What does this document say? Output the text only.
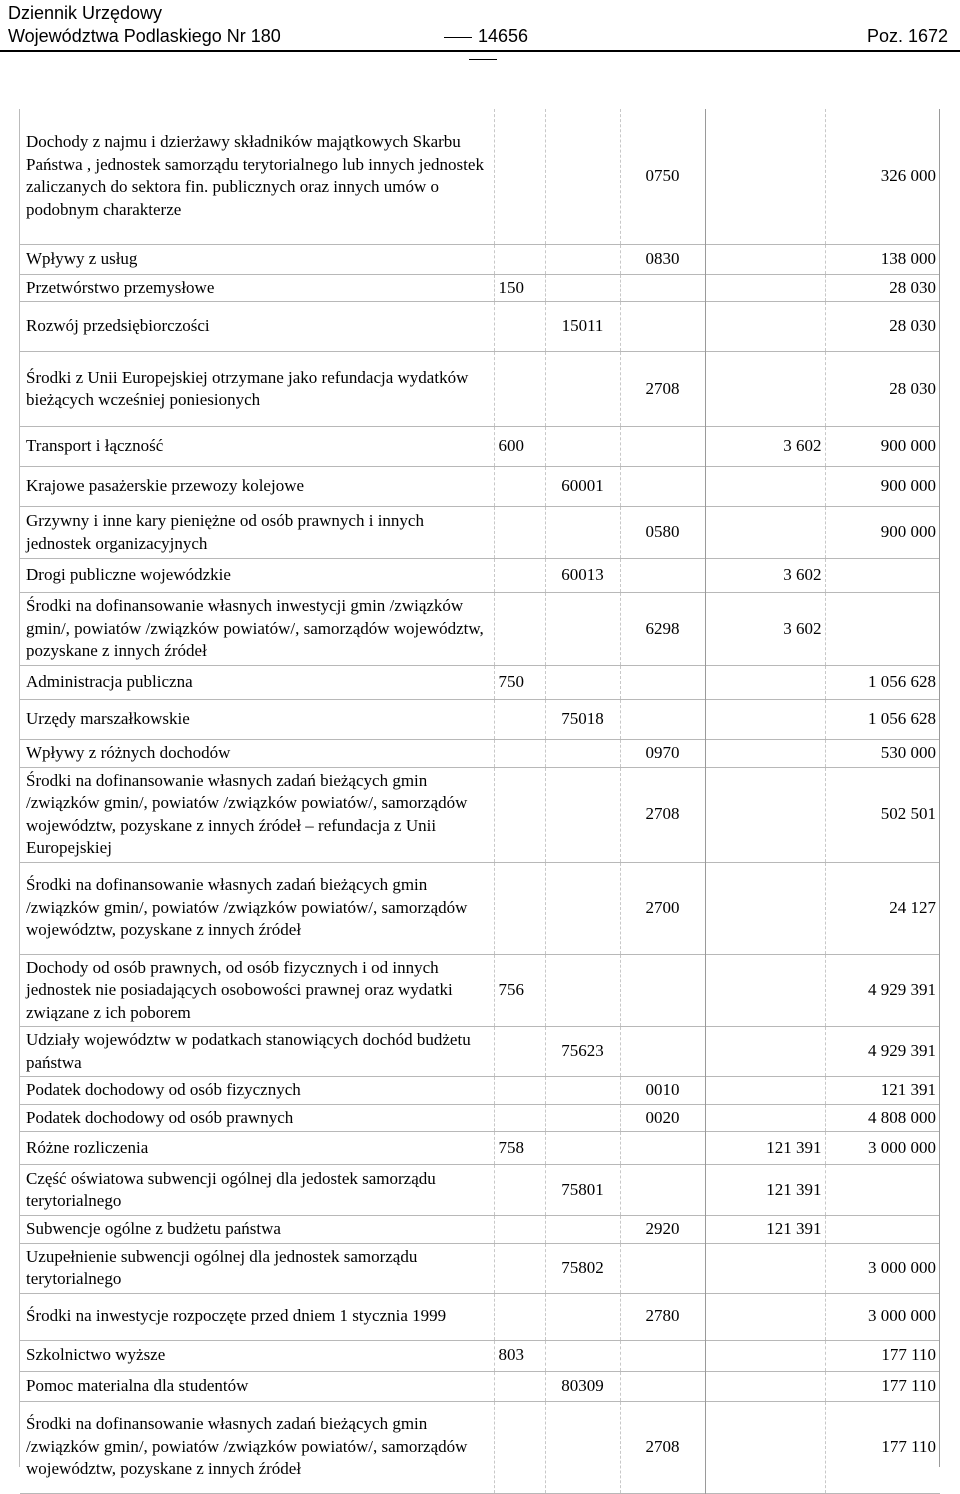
Dziennik Urzędowy
Województwa Podlaskiego Nr 180	14656	Poz. 1672
Dochody z najmu i dzierżawy składników majątkowych Skarbu Państwa , jednostek samorządu terytorialnego lub innych jednostek zaliczanych do sektora fin. publicznych oraz innych umów o podobnym charakterze			0750		326 000
Wpływy z usług			0830		138 000
Przetwórstwo przemysłowe	150				28 030
Rozwój przedsiębiorczości		15011			28 030
Środki z Unii Europejskiej otrzymane jako refundacja wydatków bieżących wcześniej poniesionych			2708		28 030
Transport i łączność	600			3 602	900 000
Krajowe pasażerskie przewozy kolejowe		60001			900 000
Grzywny i inne kary pieniężne od osób prawnych i innych jednostek organizacyjnych			0580		900 000
Drogi publiczne wojewódzkie		60013		3 602	
Środki na dofinansowanie własnych inwestycji gmin /związków gmin/, powiatów /związków powiatów/, samorządów województw, pozyskane z innych źródeł			6298	3 602	
Administracja publiczna	750				1 056 628
Urzędy marszałkowskie		75018			1 056 628
Wpływy z różnych dochodów			0970		530 000
Środki na dofinansowanie własnych zadań bieżących gmin /związków gmin/, powiatów /związków powiatów/, samorządów województw, pozyskane z innych źródeł – refundacja z Unii Europejskiej			2708		502 501
Środki na dofinansowanie własnych zadań bieżących gmin /związków gmin/, powiatów /związków powiatów/, samorządów województw, pozyskane z innych źródeł			2700		24 127
Dochody od osób prawnych, od osób fizycznych i od innych jednostek nie posiadających osobowości prawnej oraz wydatki związane z ich poborem	756				4 929 391
Udziały województw w podatkach stanowiących dochód budżetu państwa		75623			4 929 391
Podatek dochodowy od osób fizycznych			0010		121 391
Podatek dochodowy od osób prawnych			0020		4 808 000
Różne rozliczenia	758			121 391	3 000 000
Część oświatowa subwencji ogólnej dla jedostek samorządu terytorialnego		75801		121 391	
Subwencje ogólne z budżetu państwa			2920	121 391	
Uzupełnienie subwencji ogólnej dla jednostek samorządu terytorialnego		75802			3 000 000
Środki na inwestycje rozpoczęte przed dniem 1 stycznia 1999			2780		3 000 000
Szkolnictwo wyższe	803				177 110
Pomoc materialna dla studentów		80309			177 110
Środki na dofinansowanie własnych zadań bieżących gmin /związków gmin/, powiatów /związków powiatów/, samorządów województw, pozyskane z innych źródeł			2708		177 110
